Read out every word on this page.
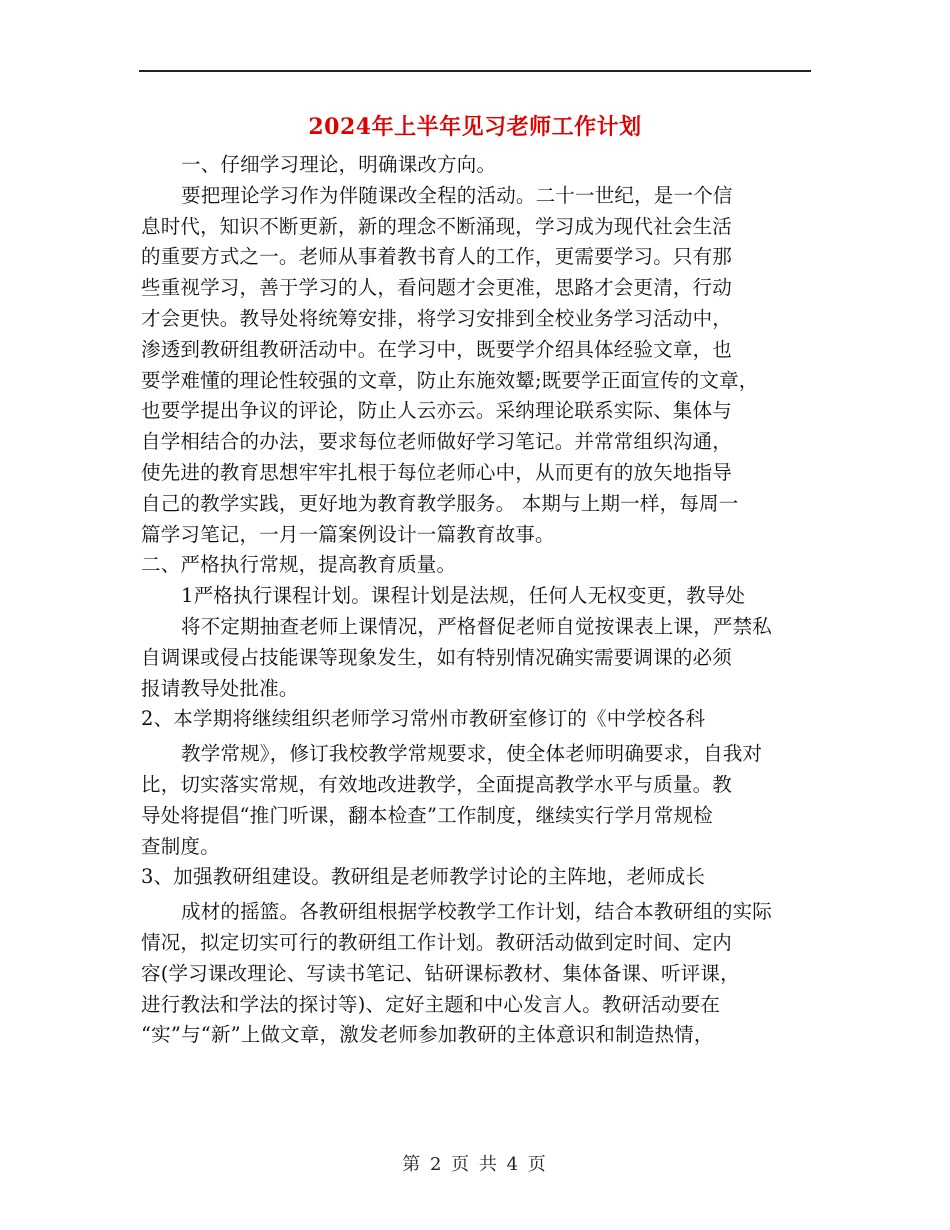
2024年上半年见习老师工作计划
一、仔细学习理论，明确课改方向。
要把理论学习作为伴随课改全程的活动。二十一世纪，是一个信
息时代，知识不断更新，新的理念不断涌现，学习成为现代社会生活
的重要方式之一。老师从事着教书育人的工作，更需要学习。只有那
些重视学习，善于学习的人，看问题才会更准，思路才会更清，行动
才会更快。教导处将统筹安排，将学习安排到全校业务学习活动中，
渗透到教研组教研活动中。在学习中，既要学介绍具体经验文章，也
要学难懂的理论性较强的文章，防止东施效颦;既要学正面宣传的文章，
也要学提出争议的评论，防止人云亦云。采纳理论联系实际、集体与
自学相结合的办法，要求每位老师做好学习笔记。并常常组织沟通，
使先进的教育思想牢牢扎根于每位老师心中，从而更有的放矢地指导
自己的教学实践，更好地为教育教学服务。 本期与上期一样，每周一
篇学习笔记，一月一篇案例设计一篇教育故事。
二、严格执行常规，提高教育质量。
1严格执行课程计划。课程计划是法规，任何人无权变更，教导处
将不定期抽查老师上课情况，严格督促老师自觉按课表上课，严禁私
自调课或侵占技能课等现象发生，如有特别情况确实需要调课的必须
报请教导处批准。
2、本学期将继续组织老师学习常州市教研室修订的《中学校各科
教学常规》，修订我校教学常规要求，使全体老师明确要求，自我对
比，切实落实常规，有效地改进教学，全面提高教学水平与质量。教
导处将提倡“推门听课，翻本检查”工作制度，继续实行学月常规检
查制度。
3、加强教研组建设。教研组是老师教学讨论的主阵地，老师成长
成材的摇篮。各教研组根据学校教学工作计划，结合本教研组的实际
情况，拟定切实可行的教研组工作计划。教研活动做到定时间、定内
容(学习课改理论、写读书笔记、钻研课标教材、集体备课、听评课，
进行教法和学法的探讨等)、定好主题和中心发言人。教研活动要在
“实”与“新”上做文章，激发老师参加教研的主体意识和制造热情，
第 2 页 共 4 页
